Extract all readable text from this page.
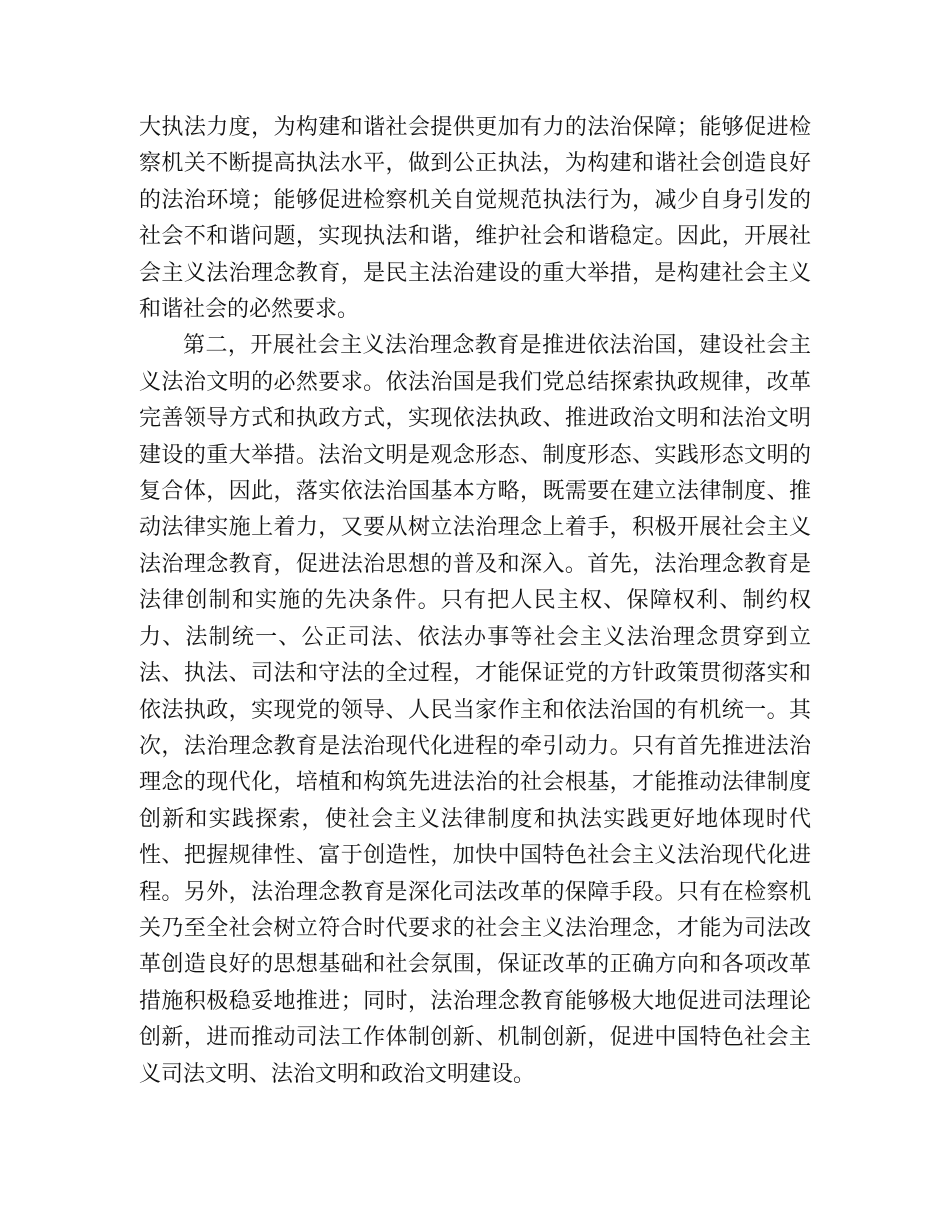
大执法力度，为构建和谐社会提供更加有力的法治保障；能够促进检察机关不断提高执法水平，做到公正执法，为构建和谐社会创造良好的法治环境；能够促进检察机关自觉规范执法行为，减少自身引发的社会不和谐问题，实现执法和谐，维护社会和谐稳定。因此，开展社会主义法治理念教育，是民主法治建设的重大举措，是构建社会主义和谐社会的必然要求。

第二，开展社会主义法治理念教育是推进依法治国，建设社会主义法治文明的必然要求。依法治国是我们党总结探索执政规律，改革完善领导方式和执政方式，实现依法执政、推进政治文明和法治文明建设的重大举措。法治文明是观念形态、制度形态、实践形态文明的复合体，因此，落实依法治国基本方略，既需要在建立法律制度、推动法律实施上着力，又要从树立法治理念上着手，积极开展社会主义法治理念教育，促进法治思想的普及和深入。首先，法治理念教育是法律创制和实施的先决条件。只有把人民主权、保障权利、制约权力、法制统一、公正司法、依法办事等社会主义法治理念贯穿到立法、执法、司法和守法的全过程，才能保证党的方针政策贯彻落实和依法执政，实现党的领导、人民当家作主和依法治国的有机统一。其次，法治理念教育是法治现代化进程的牵引动力。只有首先推进法治理念的现代化，培植和构筑先进法治的社会根基，才能推动法律制度创新和实践探索，使社会主义法律制度和执法实践更好地体现时代性、把握规律性、富于创造性，加快中国特色社会主义法治现代化进程。另外，法治理念教育是深化司法改革的保障手段。只有在检察机关乃至全社会树立符合时代要求的社会主义法治理念，才能为司法改革创造良好的思想基础和社会氛围，保证改革的正确方向和各项改革措施积极稳妥地推进；同时，法治理念教育能够极大地促进司法理论创新，进而推动司法工作体制创新、机制创新，促进中国特色社会主义司法文明、法治文明和政治文明建设。
